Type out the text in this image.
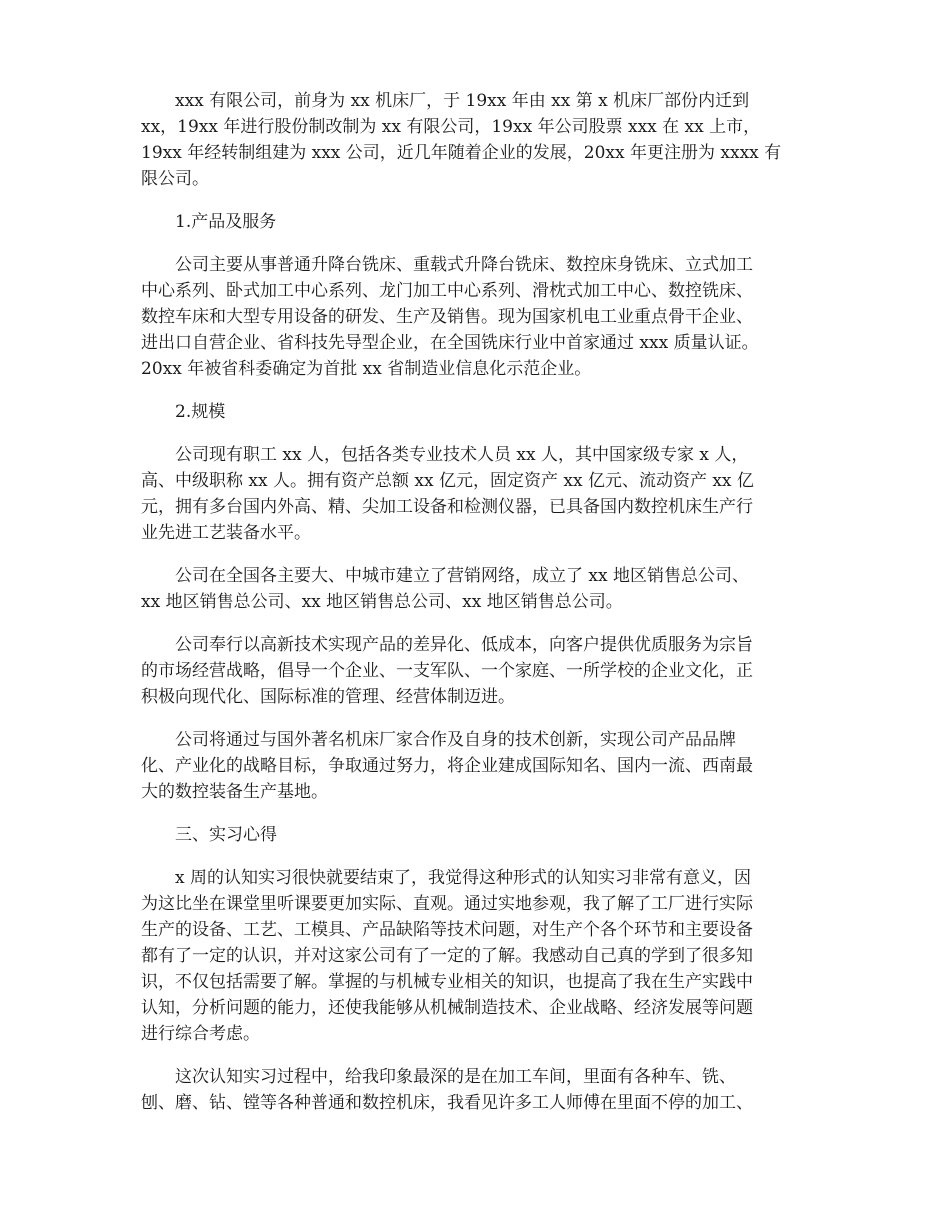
xxx 有限公司，前身为 xx 机床厂，于 19xx 年由 xx 第 x 机床厂部份内迁到
xx，19xx 年进行股份制改制为 xx 有限公司，19xx 年公司股票 xxx 在 xx 上市，
19xx 年经转制组建为 xxx 公司，近几年随着企业的发展，20xx 年更注册为 xxxx 有
限公司。
1.产品及服务
公司主要从事普通升降台铣床、重载式升降台铣床、数控床身铣床、立式加工
中心系列、卧式加工中心系列、龙门加工中心系列、滑枕式加工中心、数控铣床、
数控车床和大型专用设备的研发、生产及销售。现为国家机电工业重点骨干企业、
进出口自营企业、省科技先导型企业，在全国铣床行业中首家通过 xxx 质量认证。
20xx 年被省科委确定为首批 xx 省制造业信息化示范企业。
2.规模
公司现有职工 xx 人，包括各类专业技术人员 xx 人，其中国家级专家 x 人，
高、中级职称 xx 人。拥有资产总额 xx 亿元，固定资产 xx 亿元、流动资产 xx 亿
元，拥有多台国内外高、精、尖加工设备和检测仪器，已具备国内数控机床生产行
业先进工艺装备水平。
公司在全国各主要大、中城市建立了营销网络，成立了 xx 地区销售总公司、
xx 地区销售总公司、xx 地区销售总公司、xx 地区销售总公司。
公司奉行以高新技术实现产品的差异化、低成本，向客户提供优质服务为宗旨
的市场经营战略，倡导一个企业、一支军队、一个家庭、一所学校的企业文化，正
积极向现代化、国际标准的管理、经营体制迈进。
公司将通过与国外著名机床厂家合作及自身的技术创新，实现公司产品品牌
化、产业化的战略目标，争取通过努力，将企业建成国际知名、国内一流、西南最
大的数控装备生产基地。
三、实习心得
x 周的认知实习很快就要结束了，我觉得这种形式的认知实习非常有意义，因
为这比坐在课堂里听课要更加实际、直观。通过实地参观，我了解了工厂进行实际
生产的设备、工艺、工模具、产品缺陷等技术问题，对生产个各个环节和主要设备
都有了一定的认识，并对这家公司有了一定的了解。我感动自己真的学到了很多知
识，不仅包括需要了解。掌握的与机械专业相关的知识，也提高了我在生产实践中
认知，分析问题的能力，还使我能够从机械制造技术、企业战略、经济发展等问题
进行综合考虑。
这次认知实习过程中，给我印象最深的是在加工车间，里面有各种车、铣、
刨、磨、钻、镗等各种普通和数控机床，我看见许多工人师傅在里面不停的加工、
